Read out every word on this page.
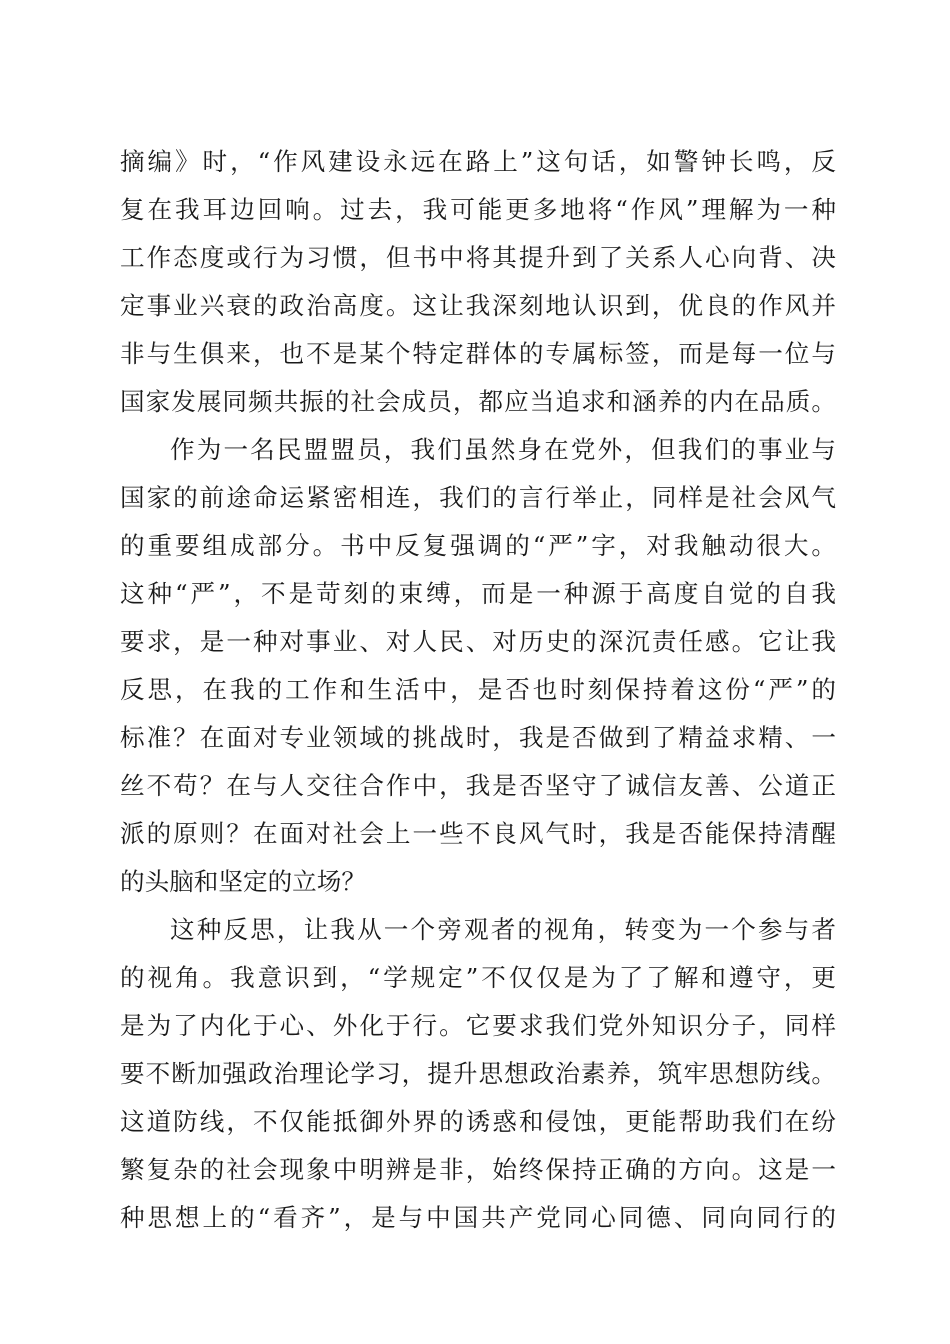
摘编》时，“作风建设永远在路上”这句话，如警钟长鸣，反
复在我耳边回响。过去，我可能更多地将“作风”理解为一种
工作态度或行为习惯，但书中将其提升到了关系人心向背、决
定事业兴衰的政治高度。这让我深刻地认识到，优良的作风并
非与生俱来，也不是某个特定群体的专属标签，而是每一位与
国家发展同频共振的社会成员，都应当追求和涵养的内在品质。
作为一名民盟盟员，我们虽然身在党外，但我们的事业与
国家的前途命运紧密相连，我们的言行举止，同样是社会风气
的重要组成部分。书中反复强调的“严”字，对我触动很大。
这种“严”，不是苛刻的束缚，而是一种源于高度自觉的自我
要求，是一种对事业、对人民、对历史的深沉责任感。它让我
反思，在我的工作和生活中，是否也时刻保持着这份“严”的
标准？在面对专业领域的挑战时，我是否做到了精益求精、一
丝不苟？在与人交往合作中，我是否坚守了诚信友善、公道正
派的原则？在面对社会上一些不良风气时，我是否能保持清醒
的头脑和坚定的立场？
这种反思，让我从一个旁观者的视角，转变为一个参与者
的视角。我意识到，“学规定”不仅仅是为了了解和遵守，更
是为了内化于心、外化于行。它要求我们党外知识分子，同样
要不断加强政治理论学习，提升思想政治素养，筑牢思想防线。
这道防线，不仅能抵御外界的诱惑和侵蚀，更能帮助我们在纷
繁复杂的社会现象中明辨是非，始终保持正确的方向。这是一
种思想上的“看齐”，是与中国共产党同心同德、同向同行的
